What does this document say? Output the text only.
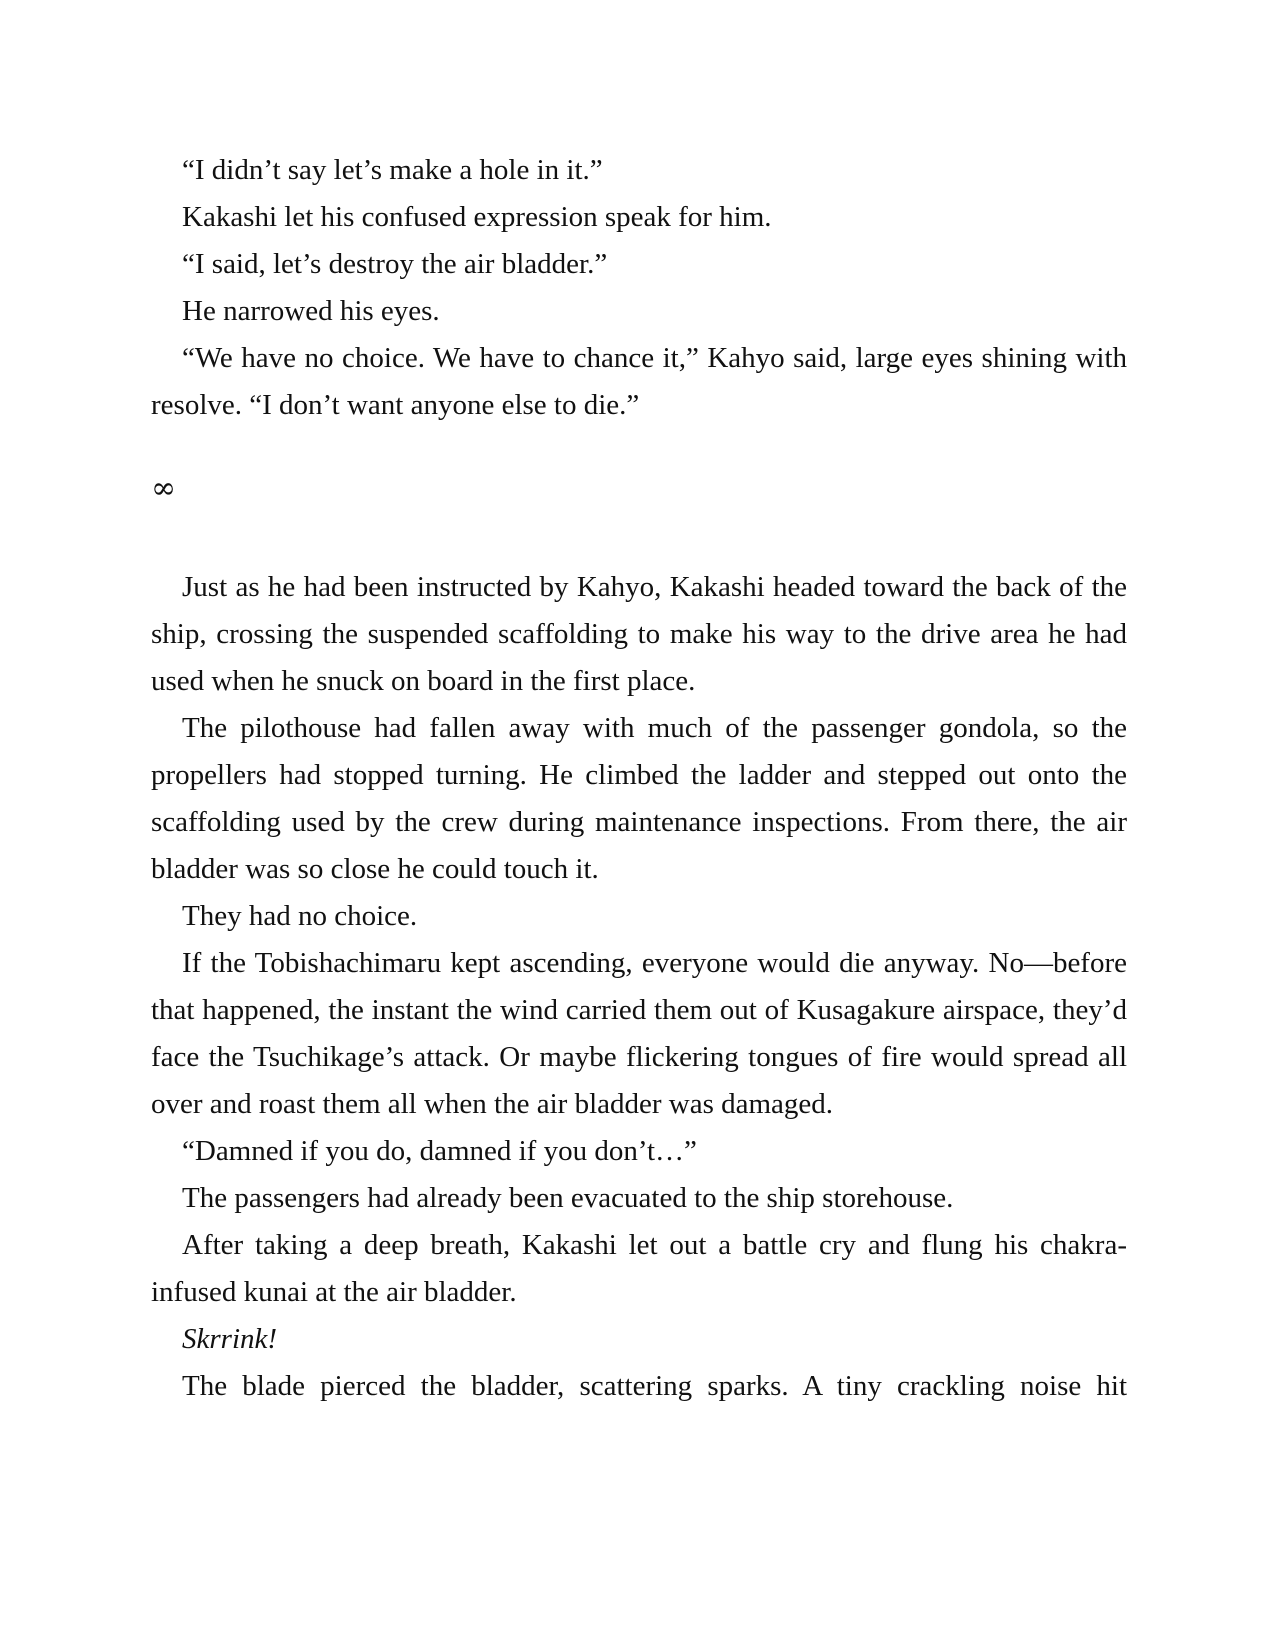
“I didn’t say let’s make a hole in it.”

Kakashi let his confused expression speak for him.

“I said, let’s destroy the air bladder.”

He narrowed his eyes.

“We have no choice. We have to chance it,” Kahyo said, large eyes shining with resolve. “I don’t want anyone else to die.”

∞

Just as he had been instructed by Kahyo, Kakashi headed toward the back of the ship, crossing the suspended scaffolding to make his way to the drive area he had used when he snuck on board in the first place.

The pilothouse had fallen away with much of the passenger gondola, so the propellers had stopped turning. He climbed the ladder and stepped out onto the scaffolding used by the crew during maintenance inspections. From there, the air bladder was so close he could touch it.

They had no choice.

If the Tobishachimaru kept ascending, everyone would die anyway. No—before that happened, the instant the wind carried them out of Kusagakure airspace, they’d face the Tsuchikage’s attack. Or maybe flickering tongues of fire would spread all over and roast them all when the air bladder was damaged.

“Damned if you do, damned if you don’t…”

The passengers had already been evacuated to the ship storehouse.

After taking a deep breath, Kakashi let out a battle cry and flung his chakra-infused kunai at the air bladder.

Skrrink!

The blade pierced the bladder, scattering sparks. A tiny crackling noise hit
